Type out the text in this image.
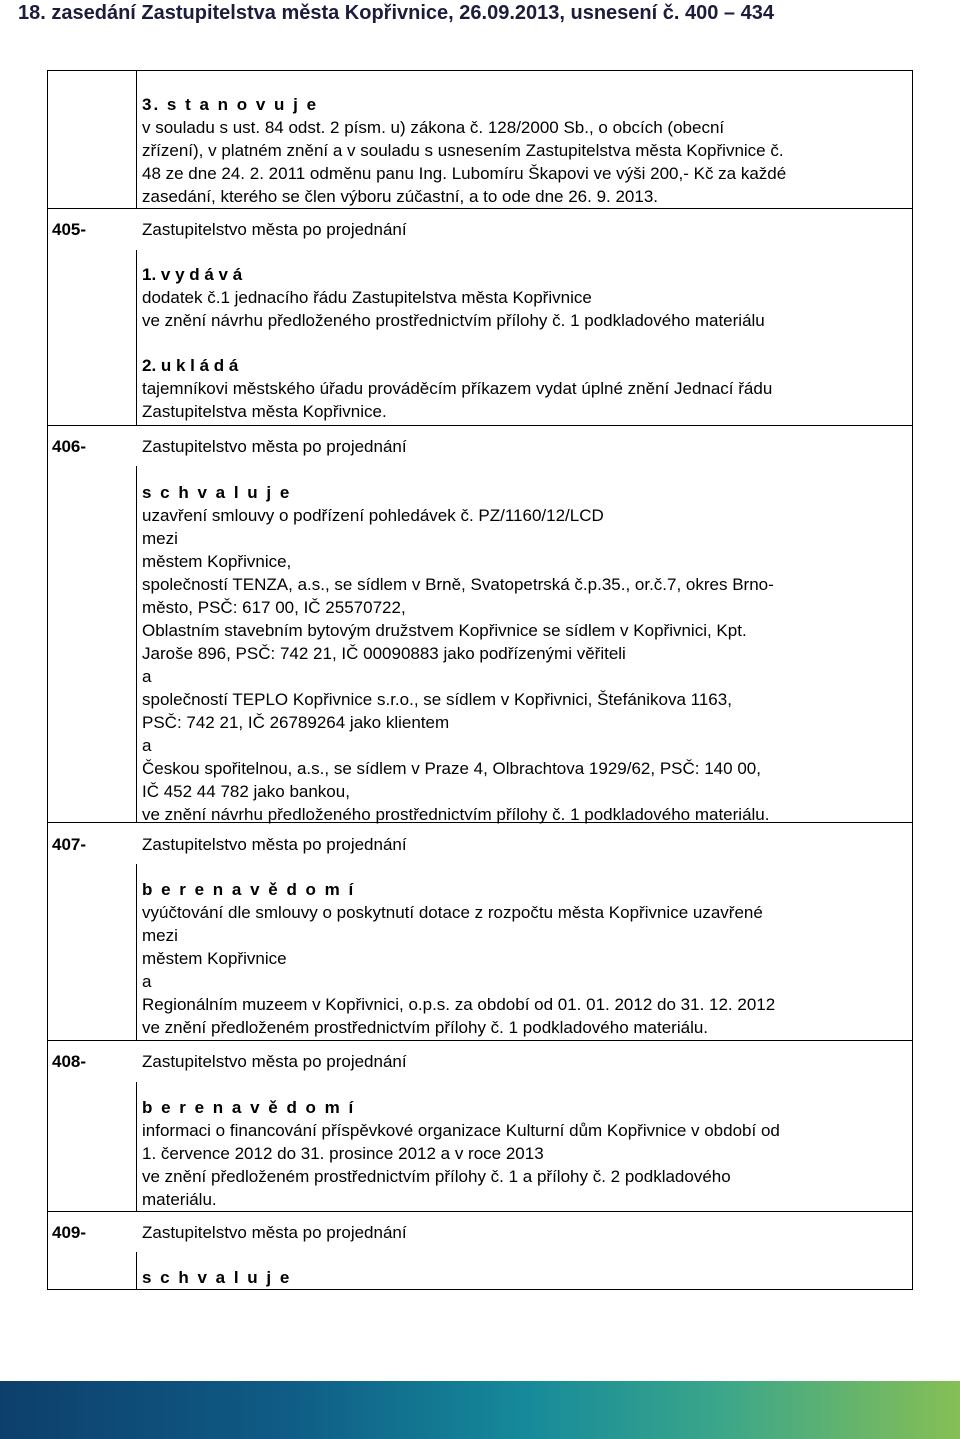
18. zasedání Zastupitelstva města Kopřivnice, 26.09.2013, usnesení č. 400 – 434
3. s t a n o v u j e
v souladu s ust. 84 odst. 2 písm. u) zákona č. 128/2000 Sb., o obcích (obecní
zřízení), v platném znění a v souladu s usnesením Zastupitelstva města Kopřivnice č.
48 ze dne 24. 2. 2011 odměnu panu Ing. Lubomíru Škapovi ve výši 200,- Kč za každé
zasedání, kterého se člen výboru zúčastní, a to ode dne 26. 9. 2013.
405-	Zastupitelstvo města po projednání
1. v y d á v á
dodatek č.1 jednacího řádu Zastupitelstva města Kopřivnice
ve znění návrhu předloženého prostřednictvím přílohy č. 1 podkladového materiálu
2. u k l á d á
tajemníkovi městského úřadu prováděcím příkazem vydat úplné znění Jednací řádu
Zastupitelstva města Kopřivnice.
406-	Zastupitelstvo města po projednání
s c h v a l u j e
uzavření smlouvy o podřízení pohledávek č. PZ/1160/12/LCD
mezi
městem Kopřivnice,
společností TENZA, a.s., se sídlem v Brně, Svatopetrská č.p.35., or.č.7, okres Brno-
město, PSČ: 617 00, IČ 25570722,
Oblastním stavebním bytovým družstvem Kopřivnice se sídlem v Kopřivnici, Kpt.
Jaroše 896, PSČ: 742 21, IČ 00090883 jako podřízenými věřiteli
a
společností TEPLO Kopřivnice s.r.o., se sídlem v Kopřivnici, Štefánikova 1163,
PSČ: 742 21, IČ 26789264 jako klientem
a
Českou spořitelnou, a.s., se sídlem v Praze 4, Olbrachtova 1929/62, PSČ: 140 00,
IČ 452 44 782 jako bankou,
ve znění návrhu předloženého prostřednictvím přílohy č. 1 podkladového materiálu.
407-	Zastupitelstvo města po projednání
b e r e n a v ě d o m í
vyúčtování dle smlouvy o poskytnutí dotace z rozpočtu města Kopřivnice uzavřené
mezi
městem Kopřivnice
a
Regionálním muzeem v Kopřivnici, o.p.s. za období od 01. 01. 2012 do 31. 12. 2012
ve znění předloženém prostřednictvím přílohy č. 1 podkladového materiálu.
408-	Zastupitelstvo města po projednání
b e r e n a v ě d o m í
informaci o financování příspěvkové organizace Kulturní dům Kopřivnice v období od
1. července 2012 do 31. prosince 2012 a v roce 2013
ve znění předloženém prostřednictvím přílohy č. 1 a přílohy č. 2 podkladového
materiálu.
409-	Zastupitelstvo města po projednání
s c h v a l u j e
